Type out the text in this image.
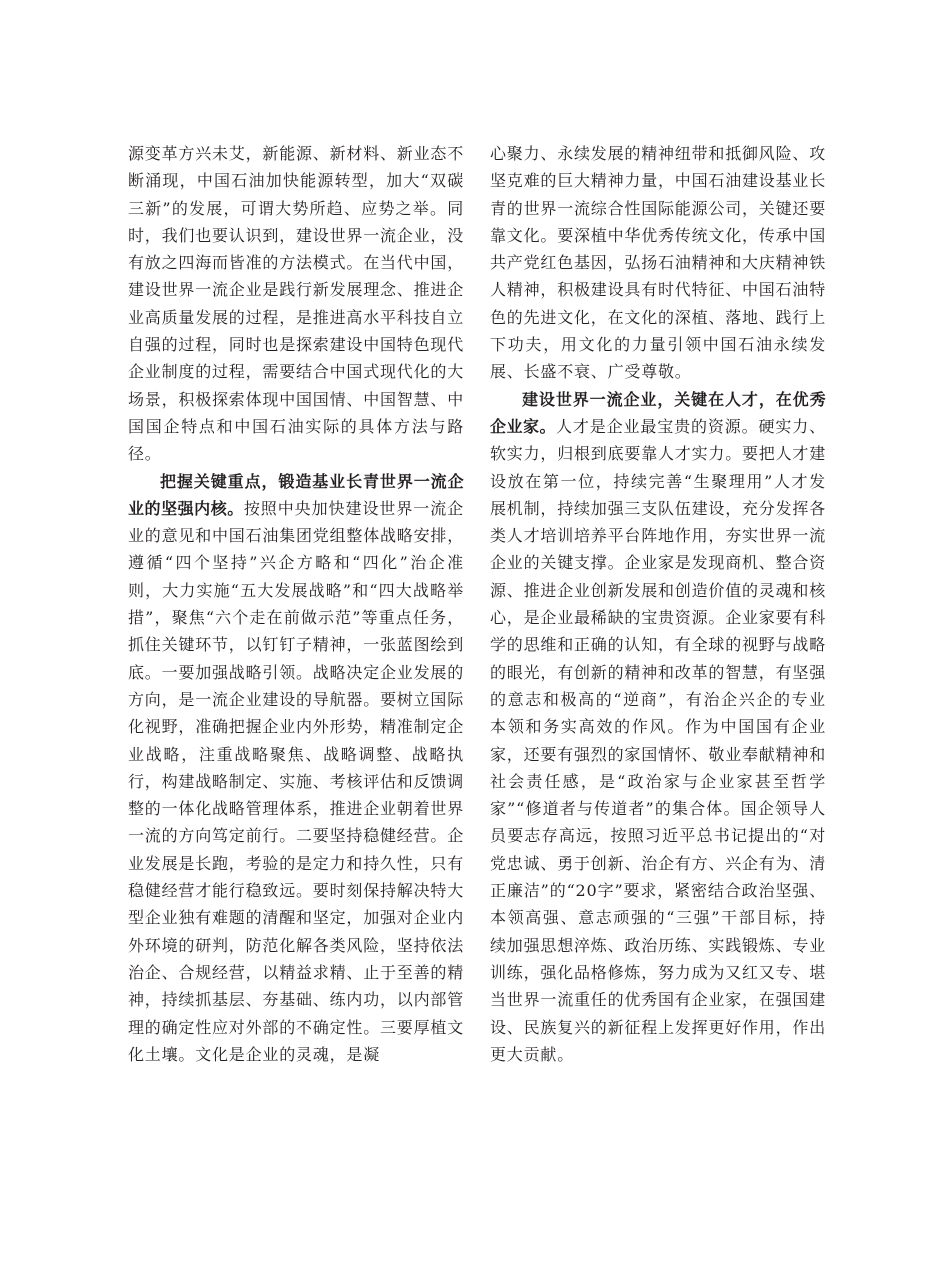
源变革方兴未艾，新能源、新材料、新业态不断涌现，中国石油加快能源转型，加大“双碳三新”的发展，可谓大势所趋、应势之举。同时，我们也要认识到，建设世界一流企业，没有放之四海而皆准的方法模式。在当代中国，建设世界一流企业是践行新发展理念、推进企业高质量发展的过程，是推进高水平科技自立自强的过程，同时也是探索建设中国特色现代企业制度的过程，需要结合中国式现代化的大场景，积极探索体现中国国情、中国智慧、中国国企特点和中国石油实际的具体方法与路径。

把握关键重点，锻造基业长青世界一流企业的坚强内核。按照中央加快建设世界一流企业的意见和中国石油集团党组整体战略安排，遵循“四个坚持”兴企方略和“四化”治企准则，大力实施“五大发展战略”和“四大战略举措”，聚焦“六个走在前做示范”等重点任务，抓住关键环节，以钉钉子精神，一张蓝图绘到底。一要加强战略引领。战略决定企业发展的方向，是一流企业建设的导航器。要树立国际化视野，准确把握企业内外形势，精准制定企业战略，注重战略聚焦、战略调整、战略执行，构建战略制定、实施、考核评估和反馈调整的一体化战略管理体系，推进企业朝着世界一流的方向笃定前行。二要坚持稳健经营。企业发展是长跑，考验的是定力和持久性，只有稳健经营才能行稳致远。要时刻保持解决特大型企业独有难题的清醒和坚定，加强对企业内外环境的研判，防范化解各类风险，坚持依法治企、合规经营，以精益求精、止于至善的精神，持续抓基层、夯基础、练内功，以内部管理的确定性应对外部的不确定性。三要厚植文化土壤。文化是企业的灵魂，是凝

心聚力、永续发展的精神纽带和抵御风险、攻坚克难的巨大精神力量，中国石油建设基业长青的世界一流综合性国际能源公司，关键还要靠文化。要深植中华优秀传统文化，传承中国共产党红色基因，弘扬石油精神和大庆精神铁人精神，积极建设具有时代特征、中国石油特色的先进文化，在文化的深植、落地、践行上下功夫，用文化的力量引领中国石油永续发展、长盛不衰、广受尊敬。

建设世界一流企业，关键在人才，在优秀企业家。人才是企业最宝贵的资源。硬实力、软实力，归根到底要靠人才实力。要把人才建设放在第一位，持续完善“生聚理用”人才发展机制，持续加强三支队伍建设，充分发挥各类人才培训培养平台阵地作用，夯实世界一流企业的关键支撑。企业家是发现商机、整合资源、推进企业创新发展和创造价值的灵魂和核心，是企业最稀缺的宝贵资源。企业家要有科学的思维和正确的认知，有全球的视野与战略的眼光，有创新的精神和改革的智慧，有坚强的意志和极高的“逆商”，有治企兴企的专业本领和务实高效的作风。作为中国国有企业家，还要有强烈的家国情怀、敬业奉献精神和社会责任感，是“政治家与企业家甚至哲学家”“修道者与传道者”的集合体。国企领导人员要志存高远，按照习近平总书记提出的“对党忠诚、勇于创新、治企有方、兴企有为、清正廉洁”的“20字”要求，紧密结合政治坚强、本领高强、意志顽强的“三强”干部目标，持续加强思想淬炼、政治历练、实践锻炼、专业训练，强化品格修炼，努力成为又红又专、堪当世界一流重任的优秀国有企业家，在强国建设、民族复兴的新征程上发挥更好作用，作出更大贡献。
